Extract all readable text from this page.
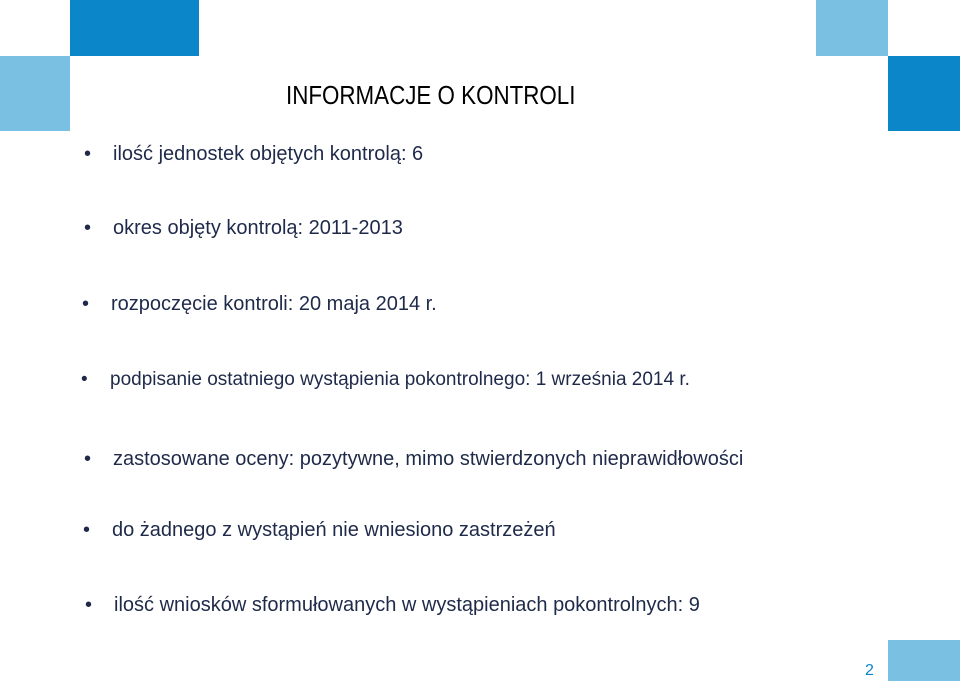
INFORMACJE O KONTROLI
• ilość jednostek objętych kontrolą: 6
• okres objęty kontrolą: 2011-2013
• rozpoczęcie kontroli: 20 maja 2014 r.
• podpisanie ostatniego wystąpienia pokontrolnego: 1 września 2014 r.
• zastosowane oceny: pozytywne, mimo stwierdzonych nieprawidłowości
• do żadnego z wystąpień nie wniesiono zastrzeżeń
• ilość wniosków sformułowanych w wystąpieniach pokontrolnych: 9
2
